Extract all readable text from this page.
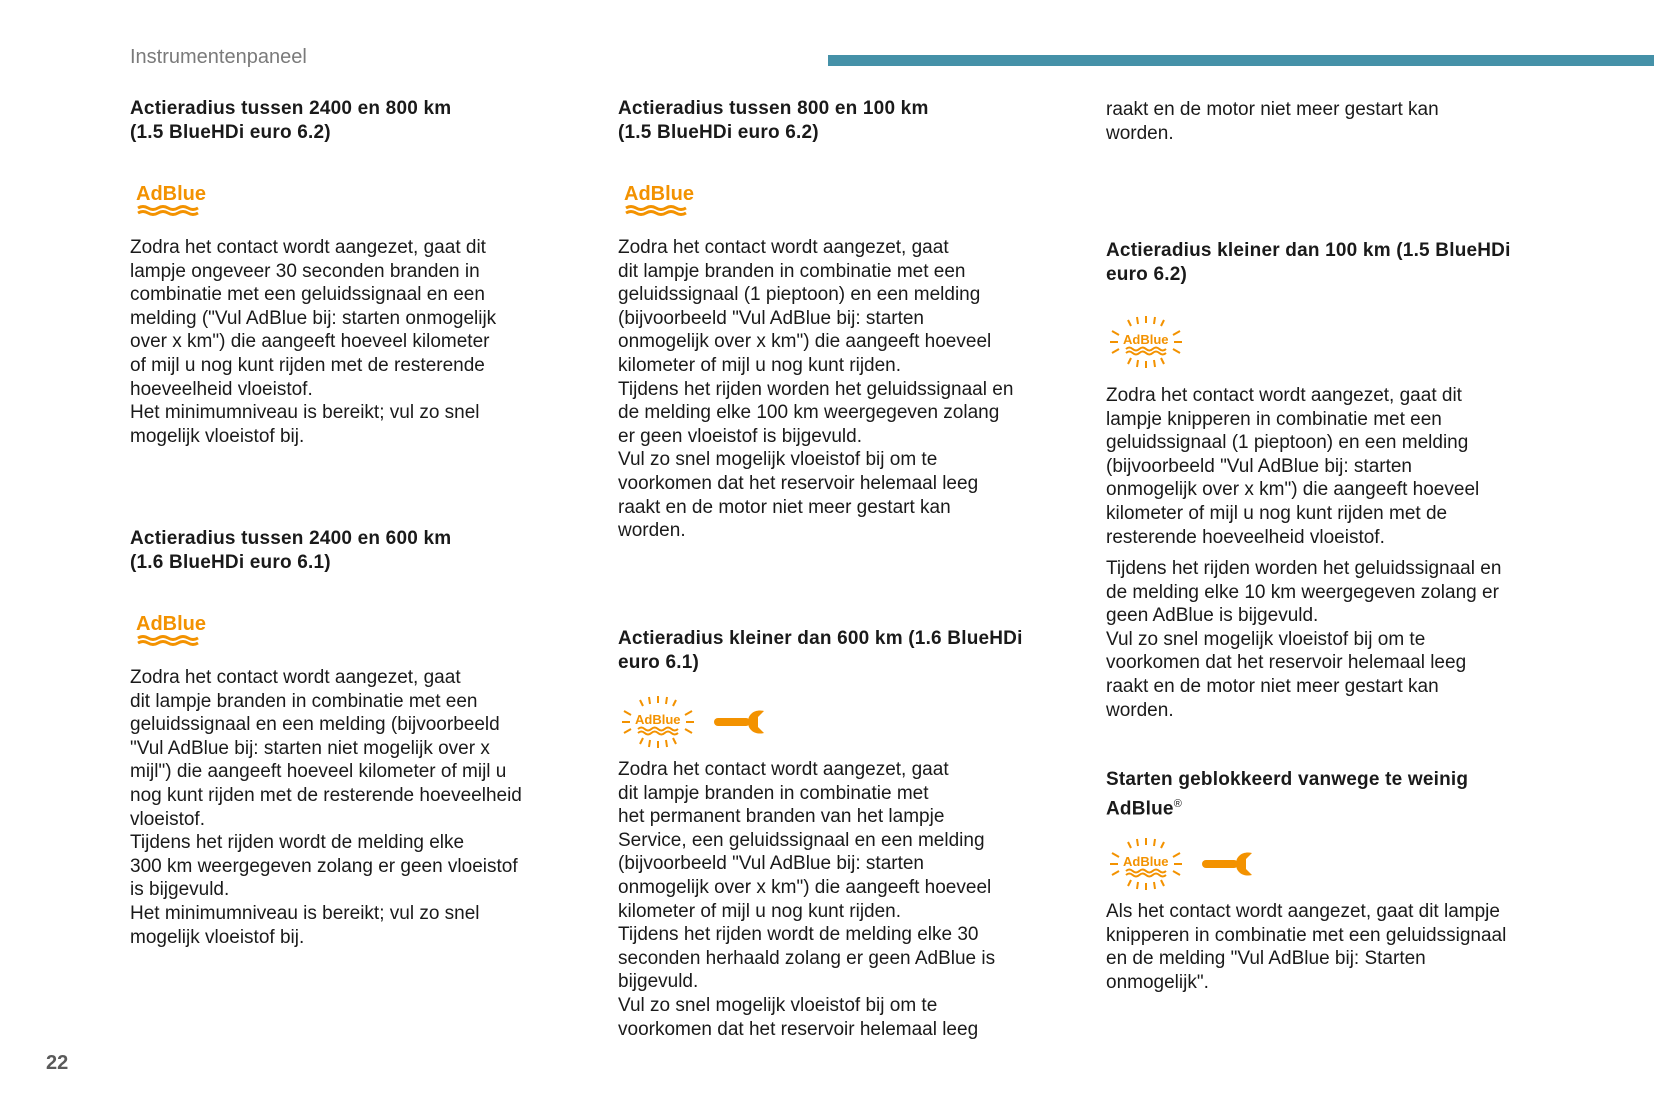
Instrumentenpaneel
Actieradius tussen 2400 en 800 km
(1.5 BlueHDi euro 6.2)
AdBlue

Zodra het contact wordt aangezet, gaat dit
lampje ongeveer 30 seconden branden in
combinatie met een geluidssignaal en een
melding ("Vul AdBlue bij: starten onmogelijk
over x km") die aangeeft hoeveel kilometer
of mijl u nog kunt rijden met de resterende
hoeveelheid vloeistof.
Het minimumniveau is bereikt; vul zo snel
mogelijk vloeistof bij.

Actieradius tussen 2400 en 600 km
(1.6 BlueHDi euro 6.1)
AdBlue

Zodra het contact wordt aangezet, gaat
dit lampje branden in combinatie met een
geluidssignaal en een melding (bijvoorbeeld
"Vul AdBlue bij: starten niet mogelijk over x
mijl") die aangeeft hoeveel kilometer of mijl u
nog kunt rijden met de resterende hoeveelheid
vloeistof.
Tijdens het rijden wordt de melding elke
300 km weergegeven zolang er geen vloeistof
is bijgevuld.
Het minimumniveau is bereikt; vul zo snel
mogelijk vloeistof bij.

Actieradius tussen 800 en 100 km
(1.5 BlueHDi euro 6.2)
AdBlue

Zodra het contact wordt aangezet, gaat
dit lampje branden in combinatie met een
geluidssignaal (1 pieptoon) en een melding
(bijvoorbeeld "Vul AdBlue bij: starten
onmogelijk over x km") die aangeeft hoeveel
kilometer of mijl u nog kunt rijden.
Tijdens het rijden worden het geluidssignaal en
de melding elke 100 km weergegeven zolang
er geen vloeistof is bijgevuld.
Vul zo snel mogelijk vloeistof bij om te
voorkomen dat het reservoir helemaal leeg
raakt en de motor niet meer gestart kan
worden.

Actieradius kleiner dan 600 km (1.6 BlueHDi
euro 6.1)
AdBlue

Zodra het contact wordt aangezet, gaat
dit lampje branden in combinatie met
het permanent branden van het lampje
Service, een geluidssignaal en een melding
(bijvoorbeeld "Vul AdBlue bij: starten
onmogelijk over x km") die aangeeft hoeveel
kilometer of mijl u nog kunt rijden.
Tijdens het rijden wordt de melding elke 30
seconden herhaald zolang er geen AdBlue is
bijgevuld.
Vul zo snel mogelijk vloeistof bij om te
voorkomen dat het reservoir helemaal leeg

raakt en de motor niet meer gestart kan
worden.

Actieradius kleiner dan 100 km (1.5 BlueHDi
euro 6.2)
AdBlue

Zodra het contact wordt aangezet, gaat dit
lampje knipperen in combinatie met een
geluidssignaal (1 pieptoon) en een melding
(bijvoorbeeld "Vul AdBlue bij: starten
onmogelijk over x km") die aangeeft hoeveel
kilometer of mijl u nog kunt rijden met de
resterende hoeveelheid vloeistof.

Tijdens het rijden worden het geluidssignaal en
de melding elke 10 km weergegeven zolang er
geen AdBlue is bijgevuld.
Vul zo snel mogelijk vloeistof bij om te
voorkomen dat het reservoir helemaal leeg
raakt en de motor niet meer gestart kan
worden.

Starten geblokkeerd vanwege te weinig
AdBlue®
AdBlue

Als het contact wordt aangezet, gaat dit lampje
knipperen in combinatie met een geluidssignaal
en de melding "Vul AdBlue bij: Starten
onmogelijk".

22
